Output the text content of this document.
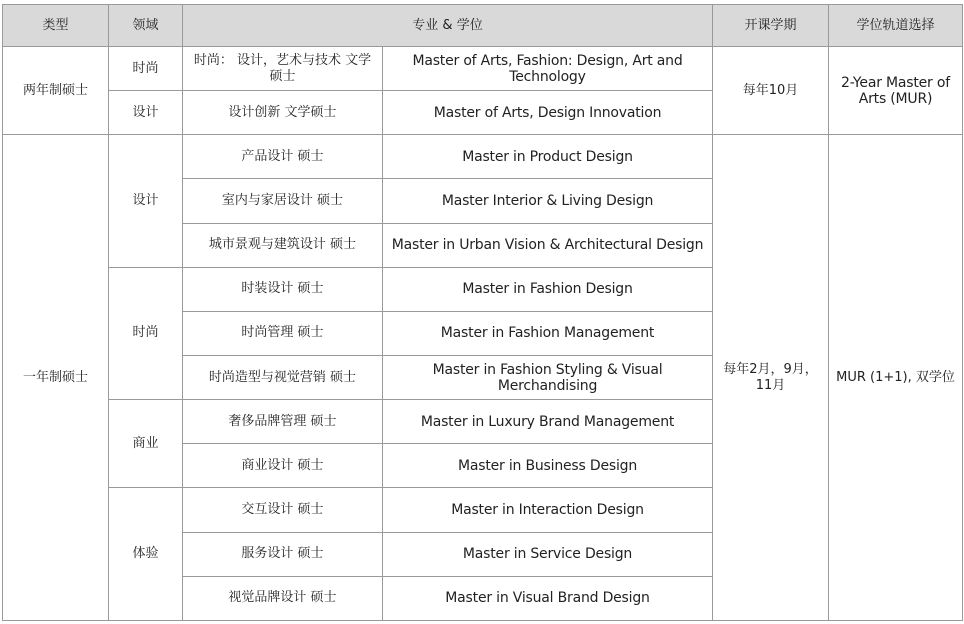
类型	领域	专业 & 学位		开课学期	学位轨道选择
两年制硕士	时尚	时尚： 设计，艺术与技术 文学硕士	Master of Arts, Fashion: Design, Art and Technology	每年10月	2-Year Master of Arts (MUR)
	设计	设计创新 文学硕士	Master of Arts, Design Innovation		
一年制硕士	设计	产品设计 硕士	Master in Product Design	每年2月，9月，11月	MUR (1+1), 双学位
		室内与家居设计 硕士	Master Interior & Living Design		
		城市景观与建筑设计 硕士	Master in Urban Vision & Architectural Design		
	时尚	时装设计 硕士	Master in Fashion Design		
		时尚管理 硕士	Master in Fashion Management		
		时尚造型与视觉营销 硕士	Master in Fashion Styling & Visual Merchandising		
	商业	奢侈品牌管理 硕士	Master in Luxury Brand Management		
		商业设计 硕士	Master in Business Design		
	体验	交互设计 硕士	Master in Interaction Design		
		服务设计 硕士	Master in Service Design		
		视觉品牌设计 硕士	Master in Visual Brand Design		
